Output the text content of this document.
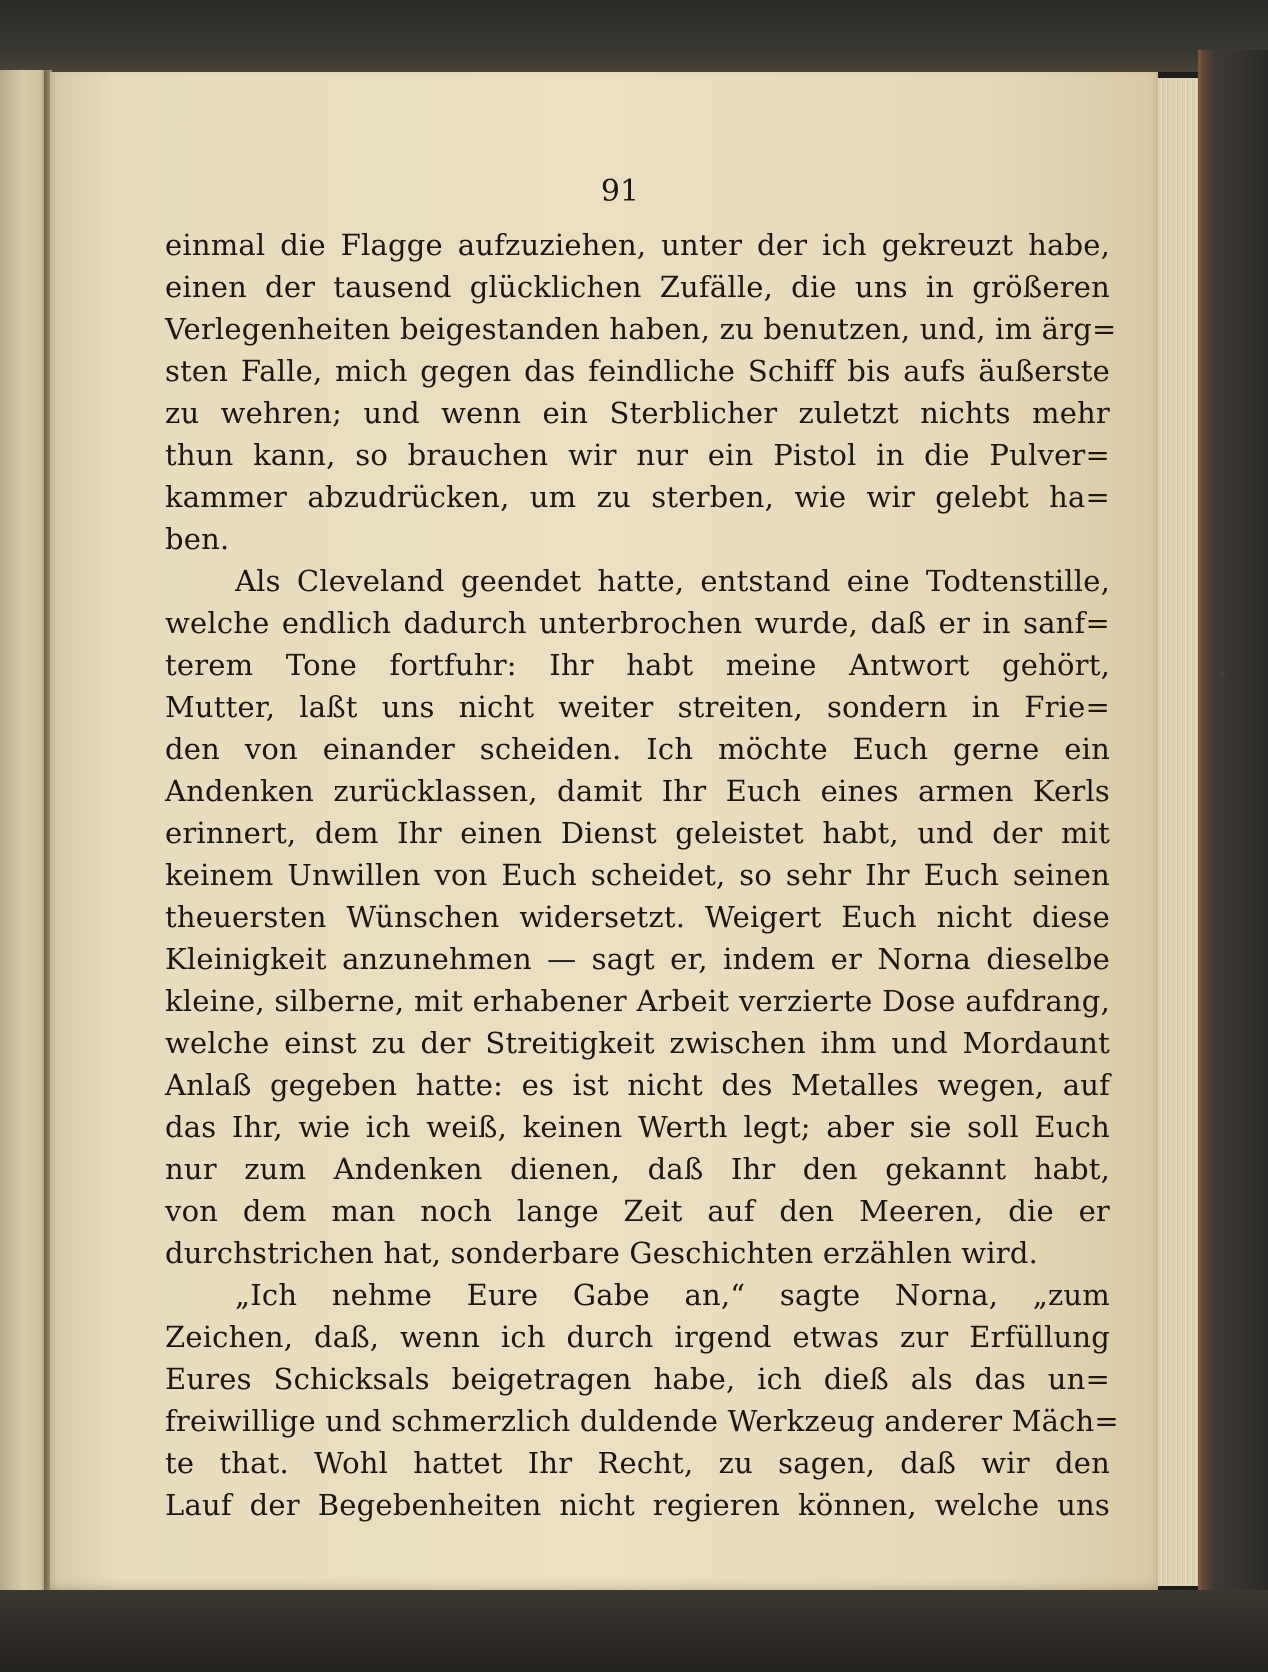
91
einmal die Flagge aufzuziehen, unter der ich gekreuzt habe,
einen der tausend glücklichen Zufälle, die uns in größeren
Verlegenheiten beigestanden haben, zu benutzen, und, im ärg=
sten Falle, mich gegen das feindliche Schiff bis aufs äußerste
zu wehren; und wenn ein Sterblicher zuletzt nichts mehr
thun kann, so brauchen wir nur ein Pistol in die Pulver=
kammer abzudrücken, um zu sterben, wie wir gelebt ha=
ben.
Als Cleveland geendet hatte, entstand eine Todtenstille,
welche endlich dadurch unterbrochen wurde, daß er in sanf=
terem Tone fortfuhr: Ihr habt meine Antwort gehört,
Mutter, laßt uns nicht weiter streiten, sondern in Frie=
den von einander scheiden. Ich möchte Euch gerne ein
Andenken zurücklassen, damit Ihr Euch eines armen Kerls
erinnert, dem Ihr einen Dienst geleistet habt, und der mit
keinem Unwillen von Euch scheidet, so sehr Ihr Euch seinen
theuersten Wünschen widersetzt. Weigert Euch nicht diese
Kleinigkeit anzunehmen — sagt er, indem er Norna dieselbe
kleine, silberne, mit erhabener Arbeit verzierte Dose aufdrang,
welche einst zu der Streitigkeit zwischen ihm und Mordaunt
Anlaß gegeben hatte: es ist nicht des Metalles wegen, auf
das Ihr, wie ich weiß, keinen Werth legt; aber sie soll Euch
nur zum Andenken dienen, daß Ihr den gekannt habt,
von dem man noch lange Zeit auf den Meeren, die er
durchstrichen hat, sonderbare Geschichten erzählen wird.
„Ich nehme Eure Gabe an,“ sagte Norna, „zum
Zeichen, daß, wenn ich durch irgend etwas zur Erfüllung
Eures Schicksals beigetragen habe, ich dieß als das un=
freiwillige und schmerzlich duldende Werkzeug anderer Mäch=
te that. Wohl hattet Ihr Recht, zu sagen, daß wir den
Lauf der Begebenheiten nicht regieren können, welche uns
